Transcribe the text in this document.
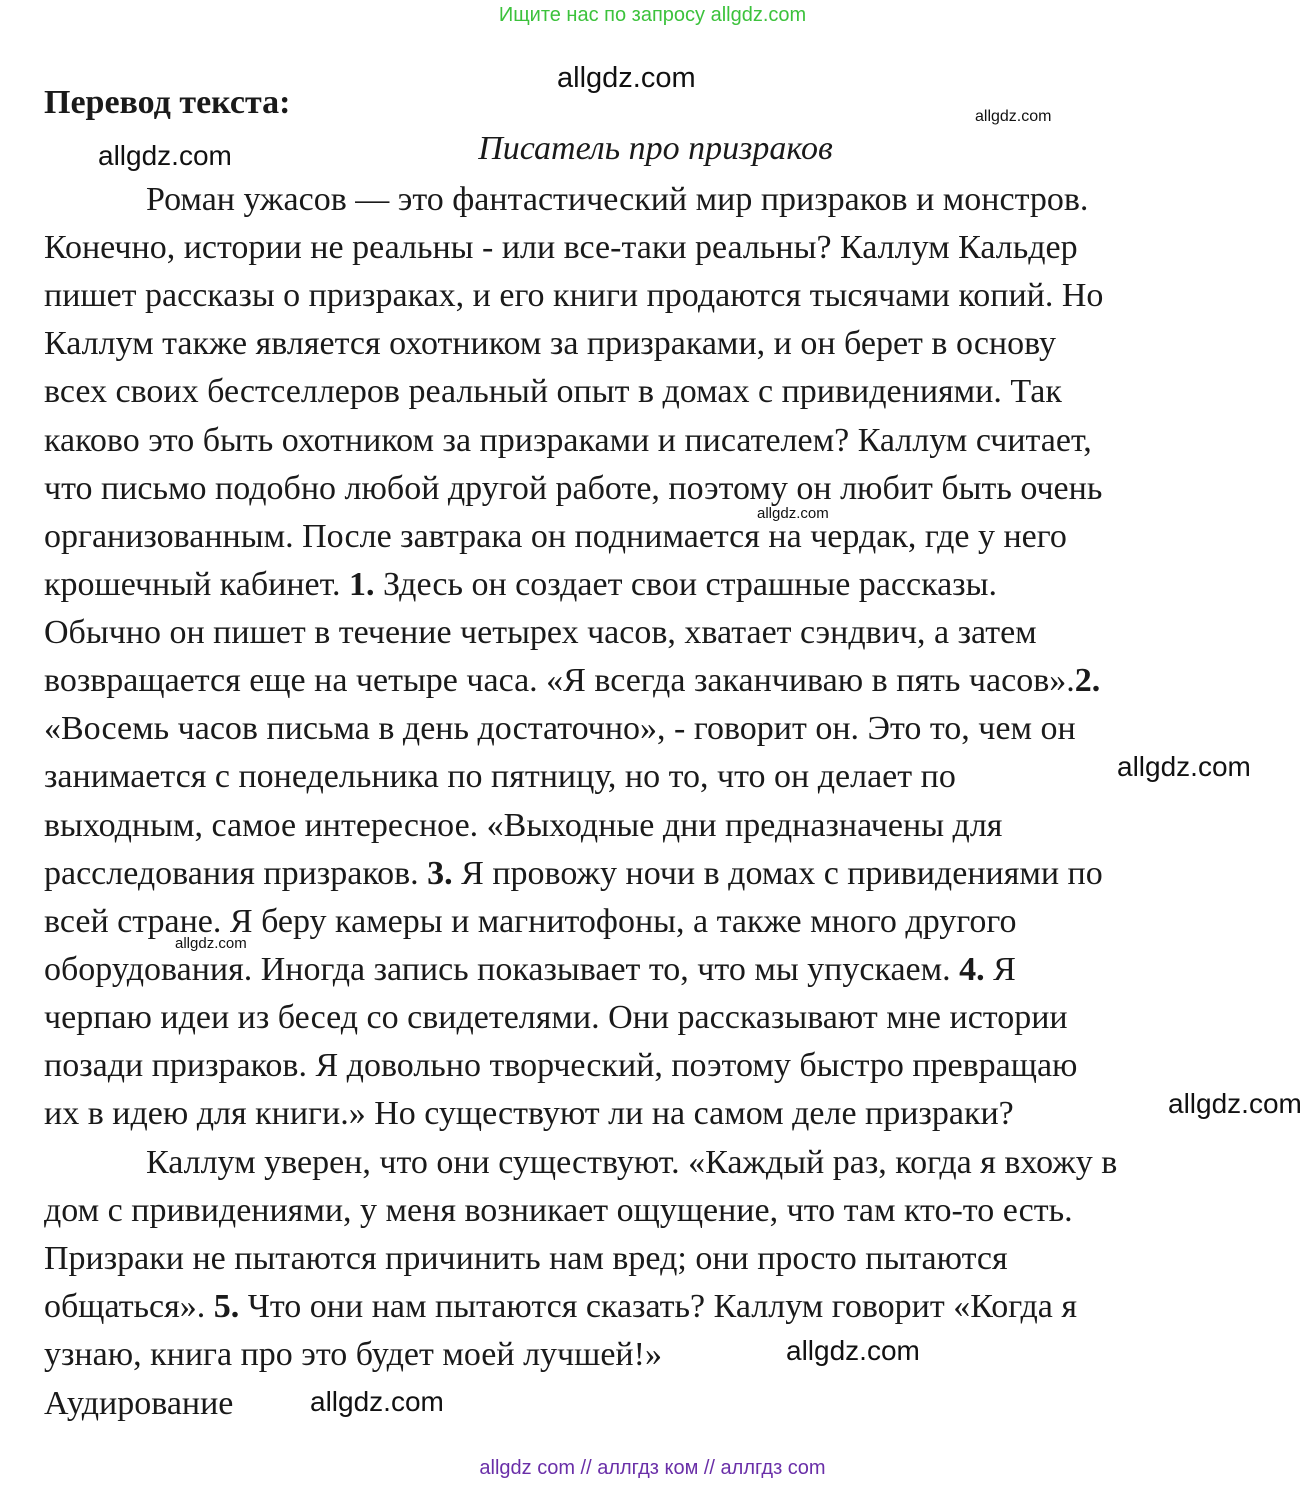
Ищите нас по запросу allgdz.com
Перевод текста:
Писатель про призраков
allgdz.com
allgdz.com
allgdz.com
Роман ужасов — это фантастический мир призраков и монстров.
Конечно, истории не реальны - или все-таки реальны? Каллум Кальдер
пишет рассказы о призраках, и его книги продаются тысячами копий. Но
Каллум также является охотником за призраками, и он берет в основу
всех своих бестселлеров реальный опыт в домах с привидениями. Так
каково это быть охотником за призраками и писателем? Каллум считает,
что письмо подобно любой другой работе, поэтому он любит быть очень
организованным. После завтрака он поднимается на чердак, где у него
крошечный кабинет. 1. Здесь он создает свои страшные рассказы.
Обычно он пишет в течение четырех часов, хватает сэндвич, а затем
возвращается еще на четыре часа. «Я всегда заканчиваю в пять часов».2.
«Восемь часов письма в день достаточно», - говорит он. Это то, чем он
занимается с понедельника по пятницу, но то, что он делает по
выходным, самое интересное. «Выходные дни предназначены для
расследования призраков. 3. Я провожу ночи в домах с привидениями по
всей стране. Я беру камеры и магнитофоны, а также много другого
оборудования. Иногда запись показывает то, что мы упускаем. 4. Я
черпаю идеи из бесед со свидетелями. Они рассказывают мне истории
позади призраков. Я довольно творческий, поэтому быстро превращаю
их в идею для книги.» Но существуют ли на самом деле призраки?
Каллум уверен, что они существуют. «Каждый раз, когда я вхожу в
дом с привидениями, у меня возникает ощущение, что там кто-то есть.
Призраки не пытаются причинить нам вред; они просто пытаются
общаться». 5. Что они нам пытаются сказать? Каллум говорит «Когда я
узнаю, книга про это будет моей лучшей!»
Аудирование
allgdz.com
allgdz.com
allgdz.com
allgdz.com
allgdz.com
allgdz.com
allgdz com // аллгдз ком // аллгдз com
